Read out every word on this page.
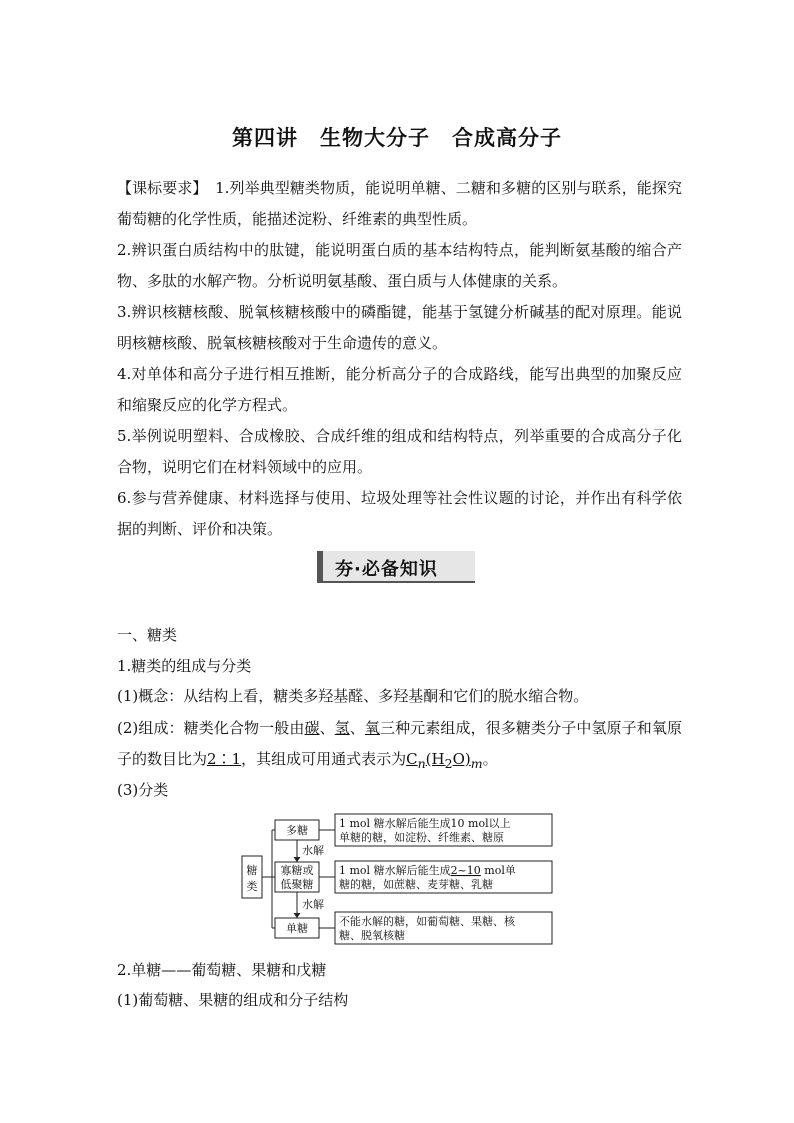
第四讲　生物大分子　合成高分子
【课标要求】　 1.列举典型糖类物质，能说明单糖、二糖和多糖的区别与联系，能探究葡萄糖的化学性质，能描述淀粉、纤维素的典型性质。
2.辨识蛋白质结构中的肽键，能说明蛋白质的基本结构特点，能判断氨基酸的缩合产物、多肽的水解产物。分析说明氨基酸、蛋白质与人体健康的关系。
3.辨识核糖核酸、脱氧核糖核酸中的磷酯键，能基于氢键分析碱基的配对原理。能说明核糖核酸、脱氧核糖核酸对于生命遗传的意义。
4.对单体和高分子进行相互推断，能分析高分子的合成路线，能写出典型的加聚反应和缩聚反应的化学方程式。
5.举例说明塑料、合成橡胶、合成纤维的组成和结构特点，列举重要的合成高分子化合物，说明它们在材料领域中的应用。
6.参与营养健康、材料选择与使用、垃圾处理等社会性议题的讨论，并作出有科学依据的判断、评价和决策。
夯·必备知识
一、糖类
1.糖类的组成与分类
(1)概念：从结构上看，糖类多羟基醛、多羟基酮和它们的脱水缩合物。
(2)组成：糖类化合物一般由碳、氢、氧三种元素组成，很多糖类分子中氢原子和氧原子的数目比为2∶1，其组成可用通式表示为$C_n(H_2O)_m$。
(3)分类
糖
类
多糖
寡糖或
低聚糖
单糖
水解
水解
1 mol 糖水解后能生成10 mol以上
单糖的糖，如淀粉、纤维素、糖原
1 mol 糖水解后能生成2~10 mol单
糖的糖，如蔗糖、麦芽糖、乳糖
不能水解的糖，如葡萄糖、果糖、核
糖、脱氧核糖
2.单糖——葡萄糖、果糖和戊糖
(1)葡萄糖、果糖的组成和分子结构
